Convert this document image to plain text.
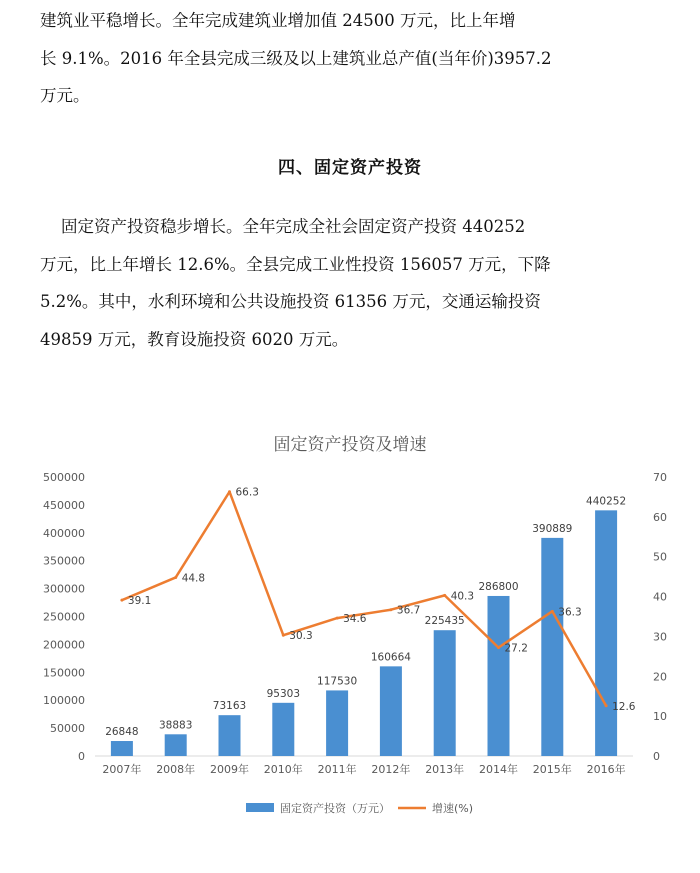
建筑业平稳增长。全年完成建筑业增加值 24500 万元，比上年增
长 9.1%。2016 年全县完成三级及以上建筑业总产值(当年价)3957.2
万元。

四、固定资产投资

固定资产投资稳步增长。全年完成全社会固定资产投资 440252
万元，比上年增长 12.6%。全县完成工业性投资 156057 万元，下降
5.2%。其中，水利环境和公共设施投资 61356 万元，交通运输投资
49859 万元，教育设施投资 6020 万元。

固定资产投资及增速
0
50000
100000
150000
200000
250000
300000
350000
400000
450000
500000
0
10
20
30
40
50
60
70
2007年 2008年 2009年 2010年 2011年 2012年 2013年 2014年 2015年 2016年
26848
38883
73163
95303
117530
160664
225435
286800
390889
440252
39.1
44.8
66.3
30.3
34.6
36.7
40.3
27.2
36.3
12.6
固定资产投资（万元）	增速(%)
